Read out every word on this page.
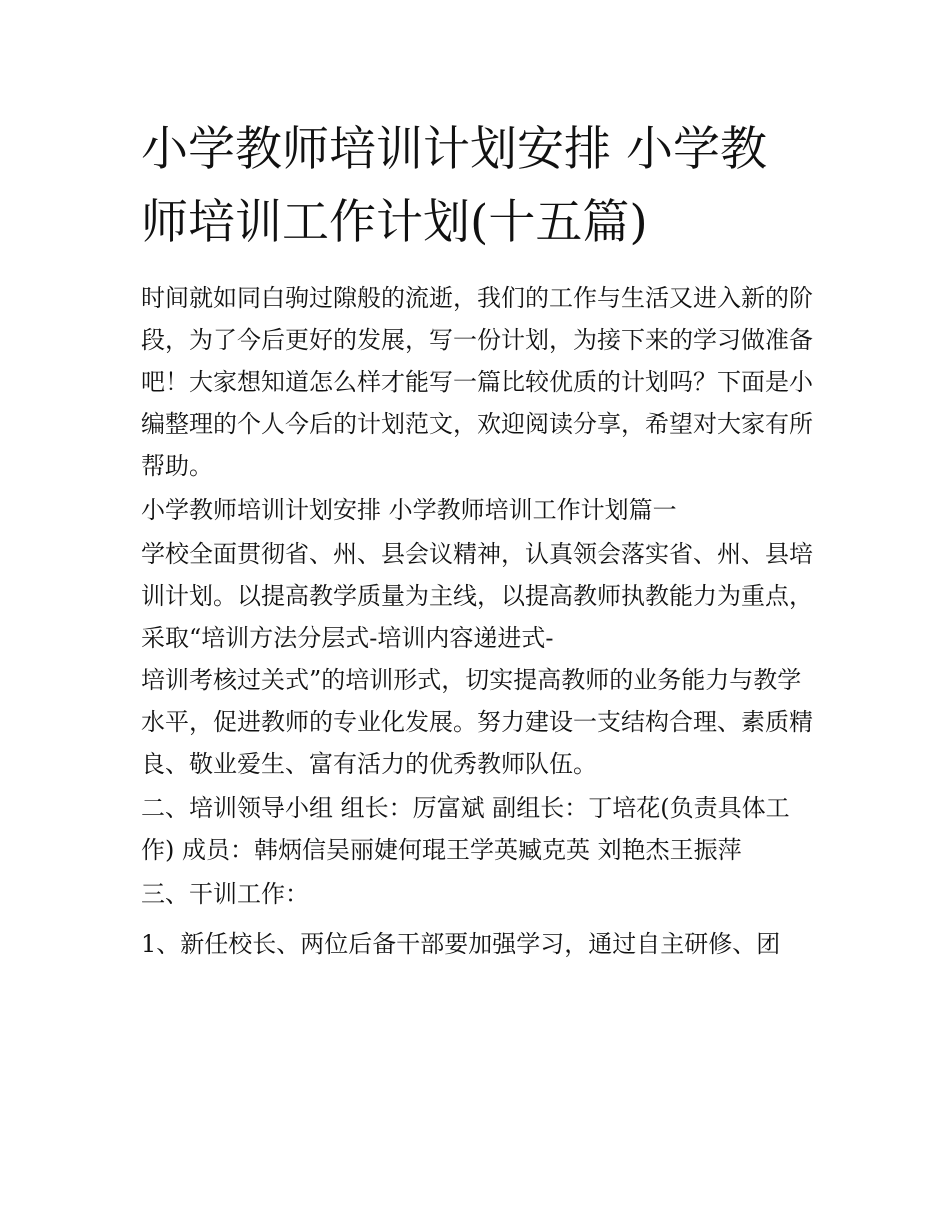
小学教师培训计划安排 小学教师培训工作计划(十五篇)

时间就如同白驹过隙般的流逝，我们的工作与生活又进入新的阶段，为了今后更好的发展，写一份计划，为接下来的学习做准备吧！大家想知道怎么样才能写一篇比较优质的计划吗？下面是小编整理的个人今后的计划范文，欢迎阅读分享，希望对大家有所帮助。

小学教师培训计划安排 小学教师培训工作计划篇一

学校全面贯彻省、州、县会议精神，认真领会落实省、州、县培训计划。以提高教学质量为主线，以提高教师执教能力为重点，采取“培训方法分层式-培训内容递进式-

培训考核过关式”的培训形式，切实提高教师的业务能力与教学水平，促进教师的专业化发展。努力建设一支结构合理、素质精良、敬业爱生、富有活力的优秀教师队伍。

二、培训领导小组 组长：厉富斌 副组长：丁培花(负责具体工作) 成员：韩炳信吴丽婕何琨王学英臧克英 刘艳杰王振萍

三、干训工作：

1、新任校长、两位后备干部要加强学习，通过自主研修、团
